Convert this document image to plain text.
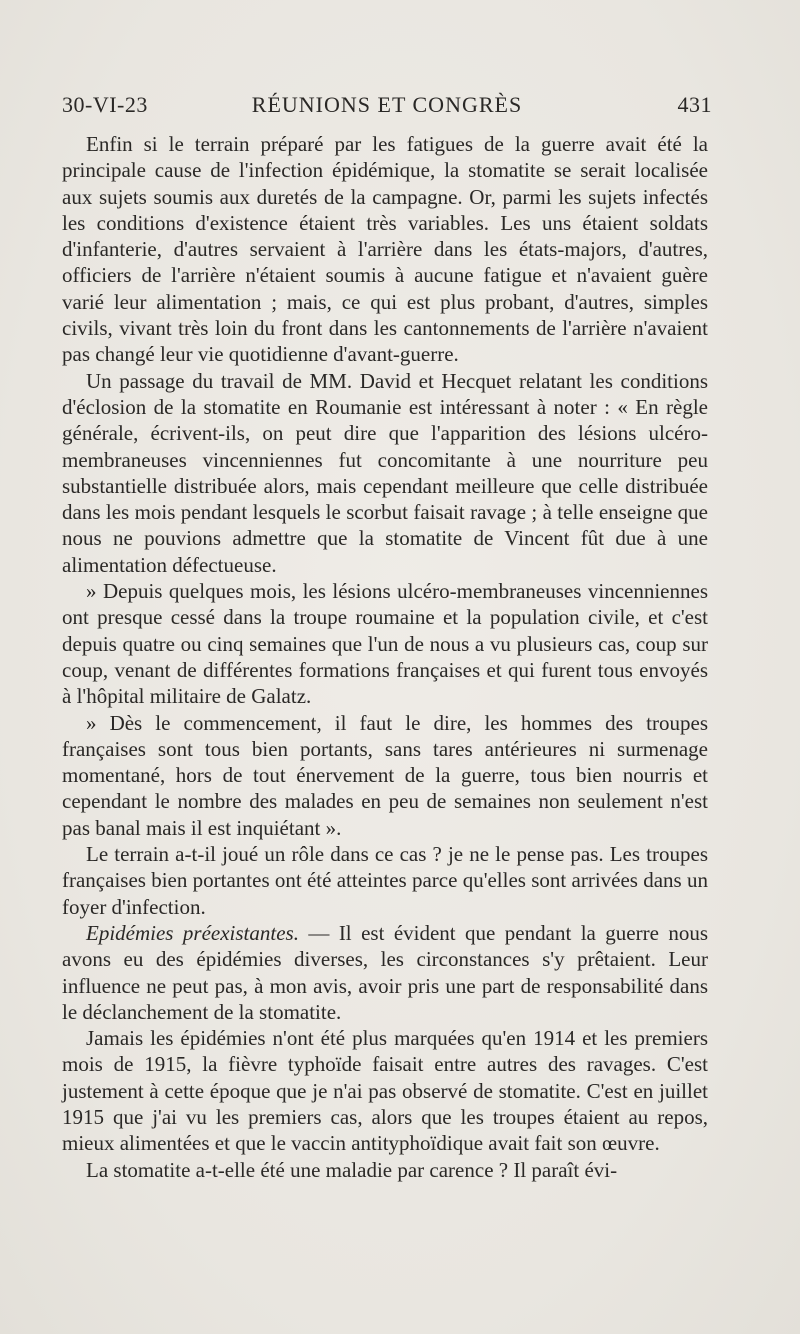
30-VI-23	RÉUNIONS ET CONGRÈS	431

Enfin si le terrain préparé par les fatigues de la guerre avait été la principale cause de l'infection épidémique, la stomatite se serait localisée aux sujets soumis aux duretés de la campagne. Or, parmi les sujets infectés les conditions d'existence étaient très variables. Les uns étaient soldats d'infanterie, d'autres servaient à l'arrière dans les états-majors, d'autres, officiers de l'arrière n'étaient soumis à aucune fatigue et n'avaient guère varié leur alimentation ; mais, ce qui est plus probant, d'autres, simples civils, vivant très loin du front dans les cantonnements de l'arrière n'avaient pas changé leur vie quotidienne d'avant-guerre.

Un passage du travail de MM. David et Hecquet relatant les conditions d'éclosion de la stomatite en Roumanie est intéressant à noter : « En règle générale, écrivent-ils, on peut dire que l'apparition des lésions ulcéro-membraneuses vincenniennes fut concomitante à une nourriture peu substantielle distribuée alors, mais cependant meilleure que celle distribuée dans les mois pendant lesquels le scorbut faisait ravage ; à telle enseigne que nous ne pouvions admettre que la stomatite de Vincent fût due à une alimentation défectueuse.

» Depuis quelques mois, les lésions ulcéro-membraneuses vincenniennes ont presque cessé dans la troupe roumaine et la population civile, et c'est depuis quatre ou cinq semaines que l'un de nous a vu plusieurs cas, coup sur coup, venant de différentes formations françaises et qui furent tous envoyés à l'hôpital militaire de Galatz.

» Dès le commencement, il faut le dire, les hommes des troupes françaises sont tous bien portants, sans tares antérieures ni surmenage momentané, hors de tout énervement de la guerre, tous bien nourris et cependant le nombre des malades en peu de semaines non seulement n'est pas banal mais il est inquiétant ».

Le terrain a-t-il joué un rôle dans ce cas ? je ne le pense pas. Les troupes françaises bien portantes ont été atteintes parce qu'elles sont arrivées dans un foyer d'infection.

Epidémies préexistantes. — Il est évident que pendant la guerre nous avons eu des épidémies diverses, les circonstances s'y prêtaient. Leur influence ne peut pas, à mon avis, avoir pris une part de responsabilité dans le déclanchement de la stomatite.

Jamais les épidémies n'ont été plus marquées qu'en 1914 et les premiers mois de 1915, la fièvre typhoïde faisait entre autres des ravages. C'est justement à cette époque que je n'ai pas observé de stomatite. C'est en juillet 1915 que j'ai vu les premiers cas, alors que les troupes étaient au repos, mieux alimentées et que le vaccin antityphoïdique avait fait son œuvre.

La stomatite a-t-elle été une maladie par carence ? Il paraît évi-
